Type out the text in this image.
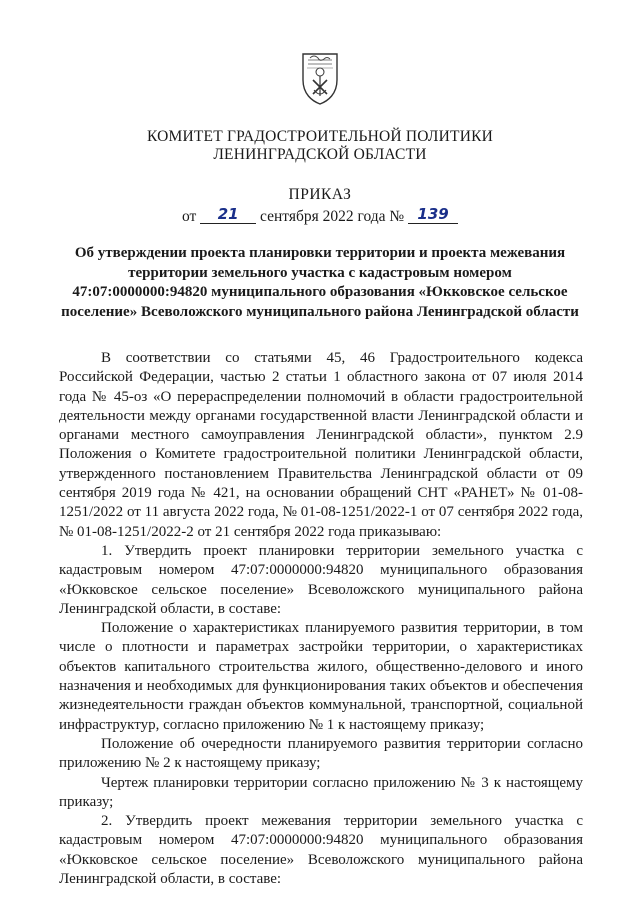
КОМИТЕТ ГРАДОСТРОИТЕЛЬНОЙ ПОЛИТИКИ
ЛЕНИНГРАДСКОЙ ОБЛАСТИ
ПРИКАЗ
от 21 сентября 2022 года № 139
Об утверждении проекта планировки территории и проекта межевания территории земельного участка с кадастровым номером 47:07:0000000:94820 муниципального образования «Юкковское сельское поселение» Всеволожского муниципального района Ленинградской области

В соответствии со статьями 45, 46 Градостроительного кодекса Российской Федерации, частью 2 статьи 1 областного закона от 07 июля 2014 года № 45-оз «О перераспределении полномочий в области градостроительной деятельности между органами государственной власти Ленинградской области и органами местного самоуправления Ленинградской области», пунктом 2.9 Положения о Комитете градостроительной политики Ленинградской области, утвержденного постановлением Правительства Ленинградской области от 09 сентября 2019 года № 421, на основании обращений СНТ «РАНЕТ» № 01-08-1251/2022 от 11 августа 2022 года, № 01-08-1251/2022-1 от 07 сентября 2022 года, № 01-08-1251/2022-2 от 21 сентября 2022 года приказываю:

1. Утвердить проект планировки территории земельного участка с кадастровым номером 47:07:0000000:94820 муниципального образования «Юкковское сельское поселение» Всеволожского муниципального района Ленинградской области, в составе:

Положение о характеристиках планируемого развития территории, в том числе о плотности и параметрах застройки территории, о характеристиках объектов капитального строительства жилого, общественно-делового и иного назначения и необходимых для функционирования таких объектов и обеспечения жизнедеятельности граждан объектов коммунальной, транспортной, социальной инфраструктур, согласно приложению № 1 к настоящему приказу;

Положение об очередности планируемого развития территории согласно приложению № 2 к настоящему приказу;

Чертеж планировки территории согласно приложению № 3 к настоящему приказу;

2. Утвердить проект межевания территории земельного участка с кадастровым номером 47:07:0000000:94820 муниципального образования «Юкковское сельское поселение» Всеволожского муниципального района Ленинградской области, в составе:
